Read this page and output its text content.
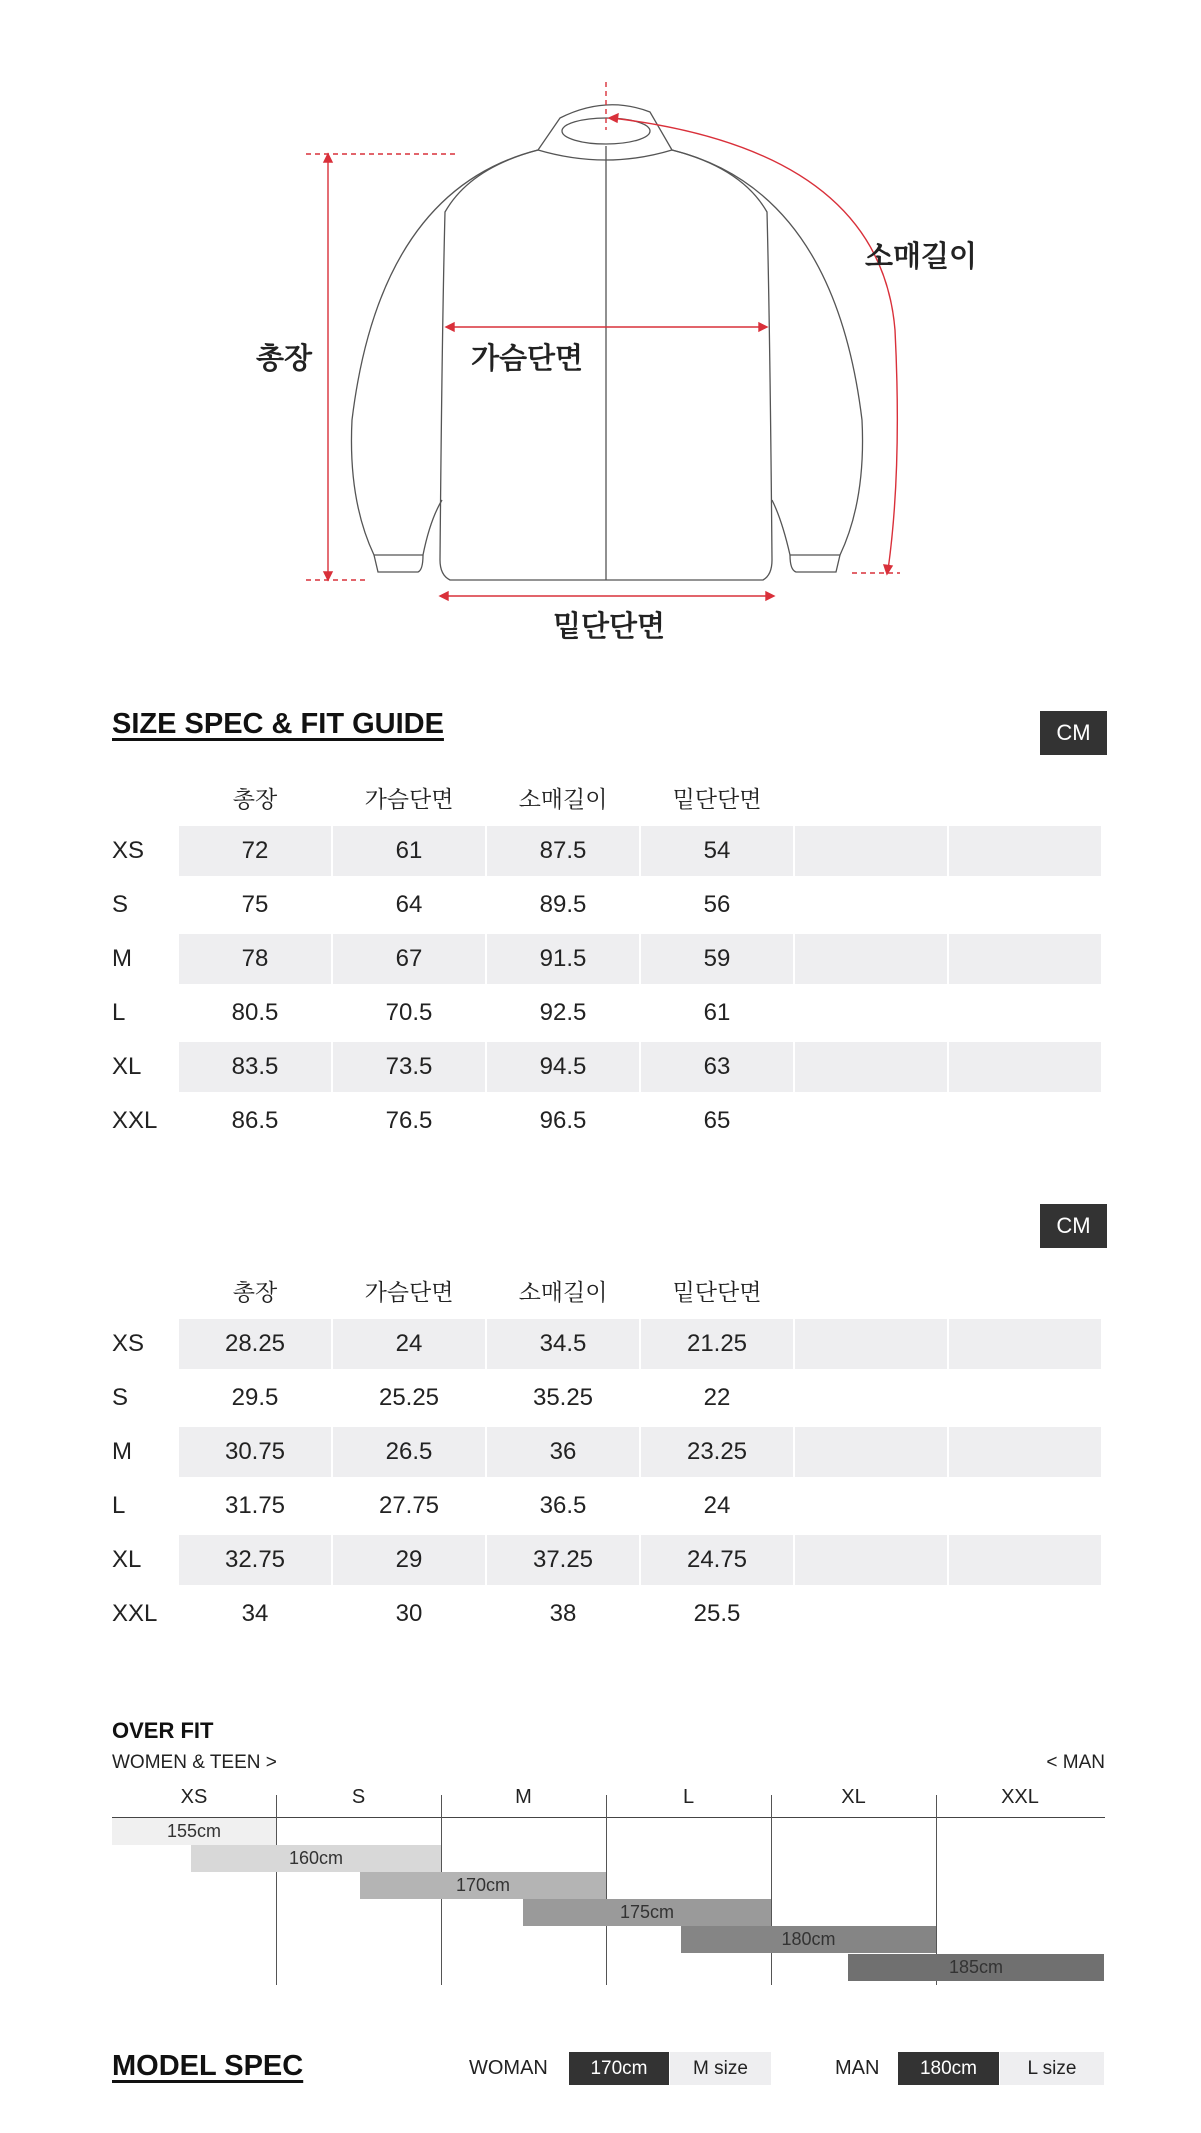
총장	가슴단면
소매길이
밑단단면
SIZE SPEC & FIT GUIDE	CM
총장	가슴단면	소매길이	밑단단면
XS	72	61	87.5	54
S	75	64	89.5	56
M	78	67	91.5	59
L	80.5	70.5	92.5	61
XL	83.5	73.5	94.5	63
XXL	86.5	76.5	96.5	65
CM
총장	가슴단면	소매길이	밑단단면
XS	28.25	24	34.5	21.25
S	29.5	25.25	35.25	22
M	30.75	26.5	36	23.25
L	31.75	27.75	36.5	24
XL	32.75	29	37.25	24.75
XXL	34	30	38	25.5
OVER FIT
WOMEN & TEEN >	< MAN
XS	S	M	L	XL	XXL
155cm
160cm
170cm
175cm
180cm
185cm
MODEL SPEC	WOMAN	170cm	M size	MAN	180cm	L size
